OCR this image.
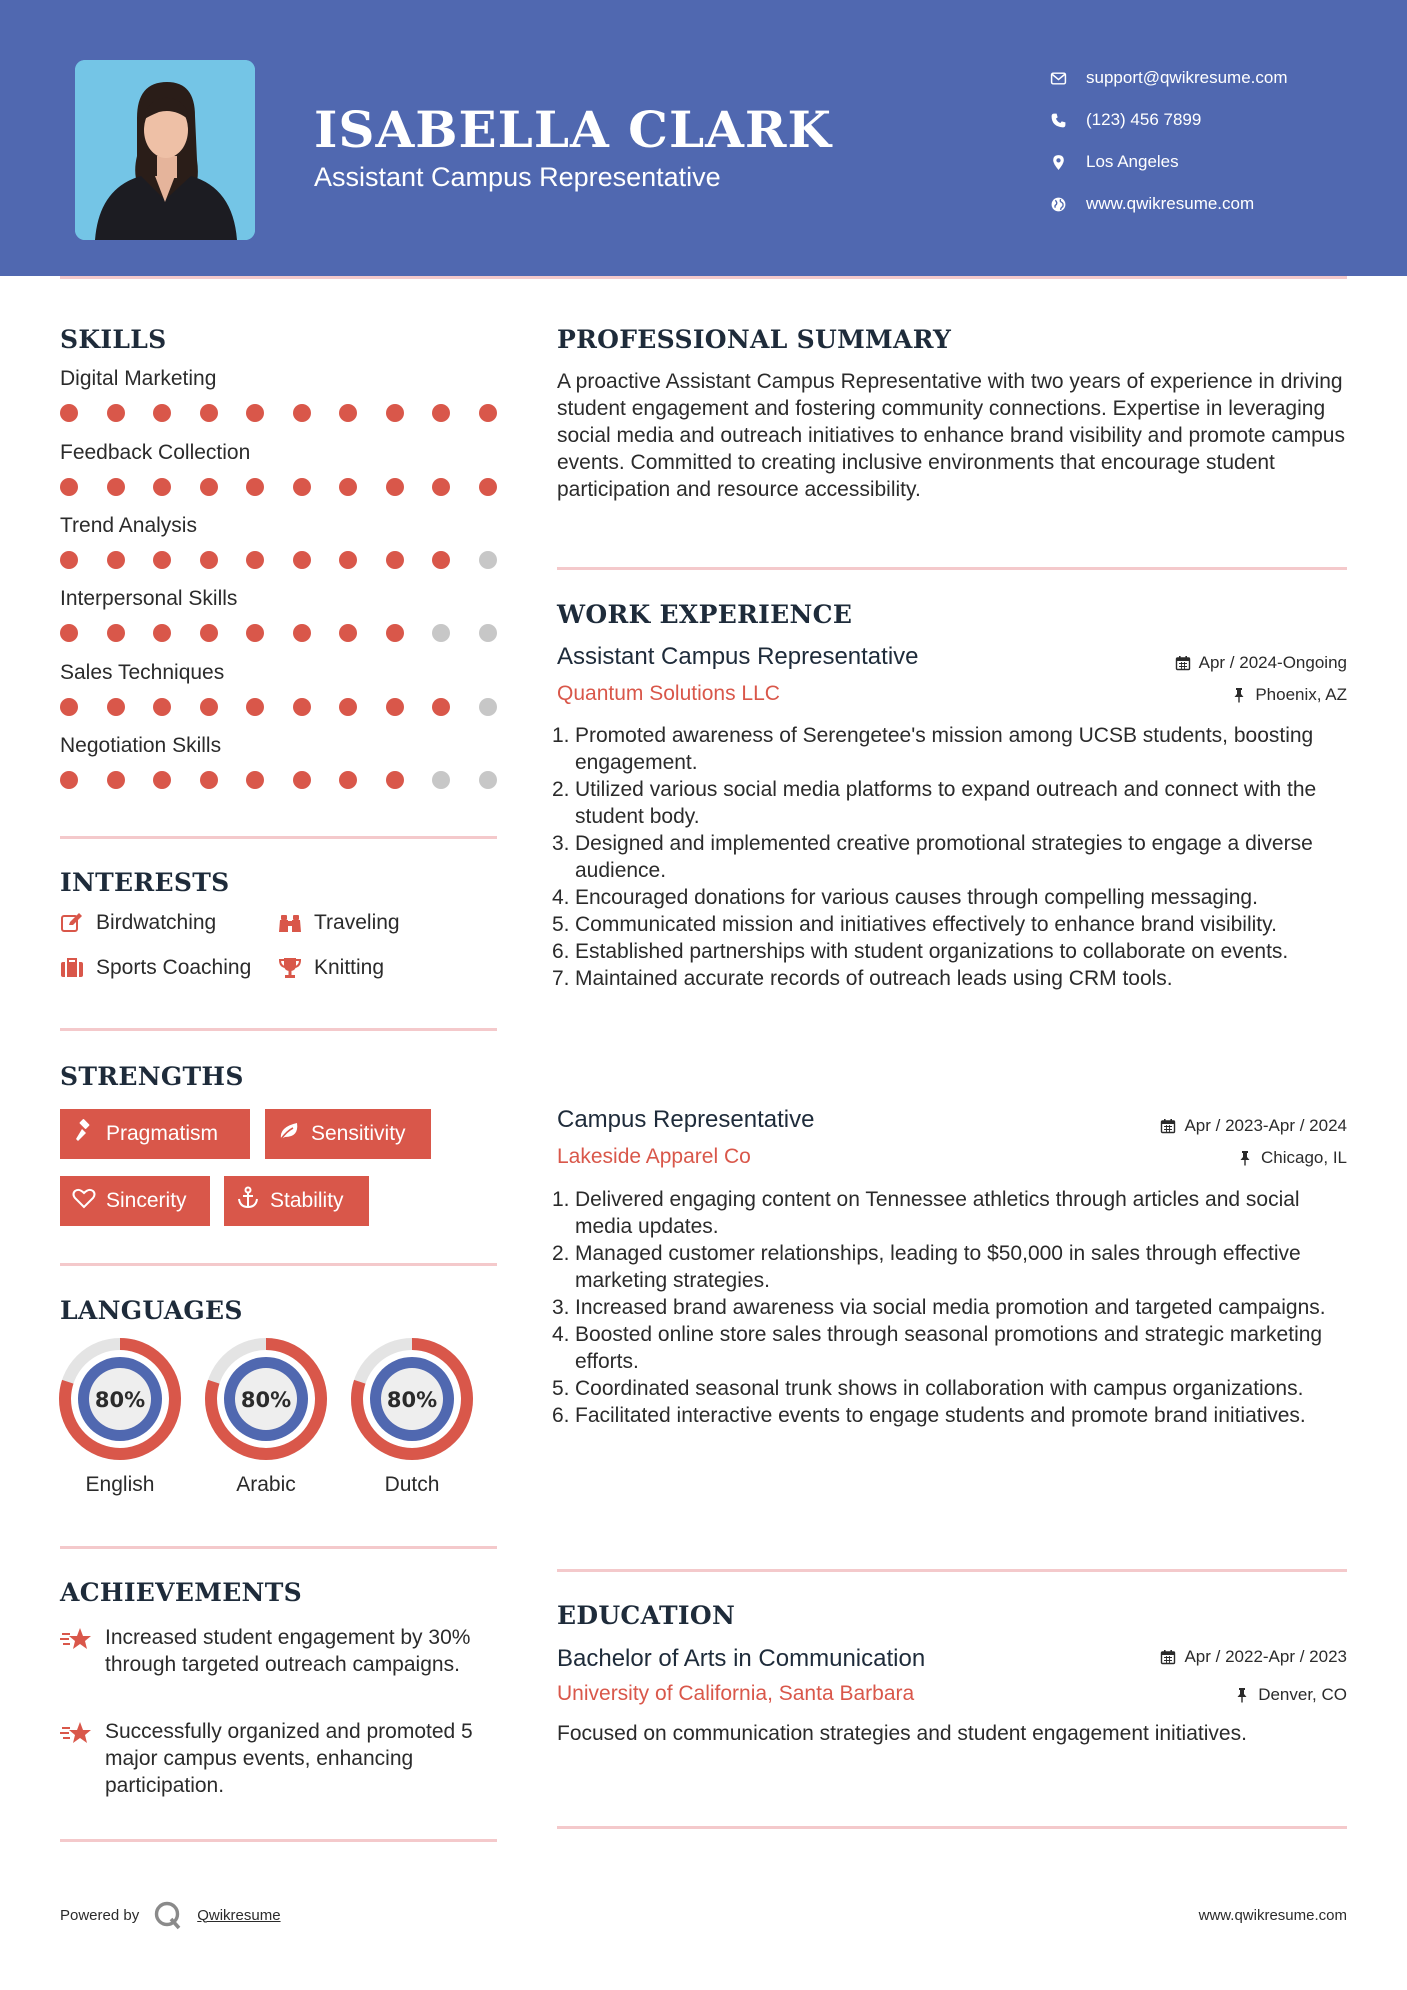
ISABELLA CLARK
Assistant Campus Representative
support@qwikresume.com
(123) 456 7899
Los Angeles
www.qwikresume.com
SKILLS
Digital Marketing
Feedback Collection
Trend Analysis
Interpersonal Skills
Sales Techniques
Negotiation Skills
INTERESTS
Birdwatching	Traveling
Sports Coaching	Knitting
STRENGTHS
Pragmatism	Sensitivity
Sincerity	Stability
LANGUAGES
80%
English
80%
Arabic
80%
Dutch
ACHIEVEMENTS
Increased student engagement by 30% through targeted outreach campaigns.
Successfully organized and promoted 5 major campus events, enhancing participation.
PROFESSIONAL SUMMARY
A proactive Assistant Campus Representative with two years of experience in driving student engagement and fostering community connections. Expertise in leveraging social media and outreach initiatives to enhance brand visibility and promote campus events. Committed to creating inclusive environments that encourage student participation and resource accessibility.
WORK EXPERIENCE
Assistant Campus Representative	Apr / 2024-Ongoing
Quantum Solutions LLC	Phoenix, AZ
1. Promoted awareness of Serengetee's mission among UCSB students, boosting engagement.
2. Utilized various social media platforms to expand outreach and connect with the student body.
3. Designed and implemented creative promotional strategies to engage a diverse audience.
4. Encouraged donations for various causes through compelling messaging.
5. Communicated mission and initiatives effectively to enhance brand visibility.
6. Established partnerships with student organizations to collaborate on events.
7. Maintained accurate records of outreach leads using CRM tools.
Campus Representative	Apr / 2023-Apr / 2024
Lakeside Apparel Co	Chicago, IL
1. Delivered engaging content on Tennessee athletics through articles and social media updates.
2. Managed customer relationships, leading to $50,000 in sales through effective marketing strategies.
3. Increased brand awareness via social media promotion and targeted campaigns.
4. Boosted online store sales through seasonal promotions and strategic marketing efforts.
5. Coordinated seasonal trunk shows in collaboration with campus organizations.
6. Facilitated interactive events to engage students and promote brand initiatives.
EDUCATION
Bachelor of Arts in Communication	Apr / 2022-Apr / 2023
University of California, Santa Barbara	Denver, CO
Focused on communication strategies and student engagement initiatives.
Powered by	Qwikresume	www.qwikresume.com
